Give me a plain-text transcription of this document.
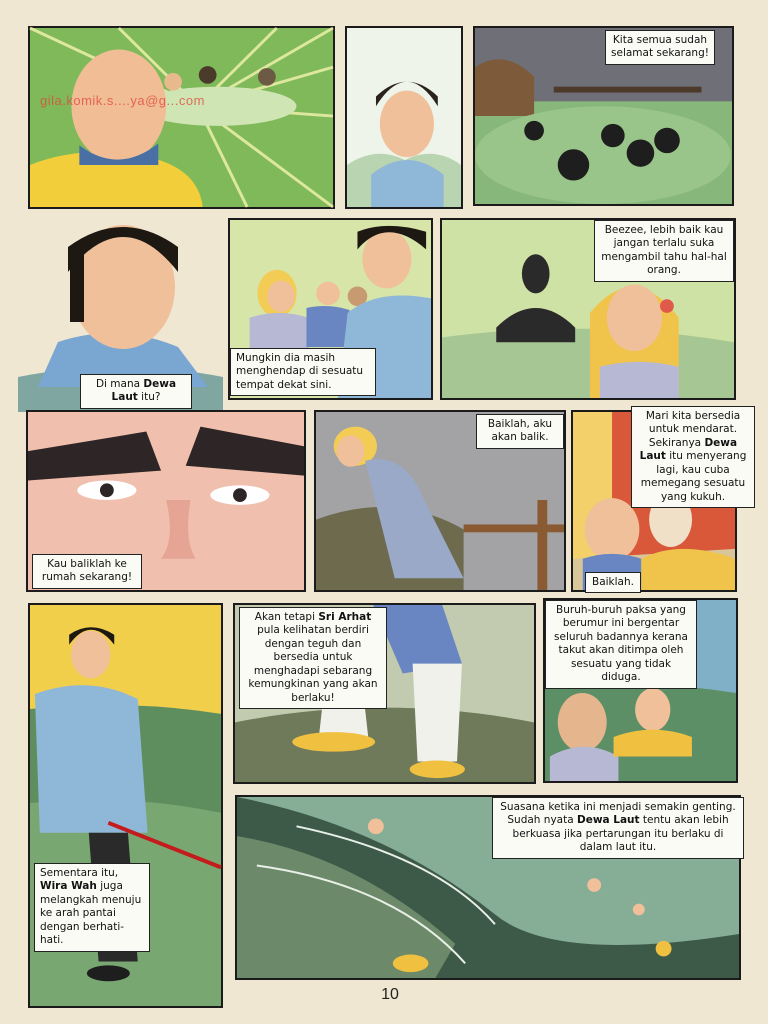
gila.komik.s....ya@g...com
Kita semua sudah selamat sekarang!
Di mana Dewa Laut itu?
Mungkin dia masih menghendap di sesuatu tempat dekat sini.
Beezee, lebih baik kau jangan terlalu suka mengambil tahu hal-hal orang.
Kau baliklah ke rumah sekarang!
Baiklah, aku akan balik.
Mari kita bersedia untuk mendarat. Sekiranya Dewa Laut itu menyerang lagi, kau cuba memegang sesuatu yang kukuh.
Baiklah.
Sementara itu, Wira Wah juga melangkah menuju ke arah pantai dengan berhati-hati.
Akan tetapi Sri Arhat pula kelihatan berdiri dengan teguh dan bersedia untuk menghadapi sebarang kemungkinan yang akan berlaku!
Buruh-buruh paksa yang berumur ini bergentar seluruh badannya kerana takut akan ditimpa oleh sesuatu yang tidak diduga.
Suasana ketika ini menjadi semakin genting. Sudah nyata Dewa Laut tentu akan lebih berkuasa jika pertarungan itu berlaku di dalam laut itu.
10
